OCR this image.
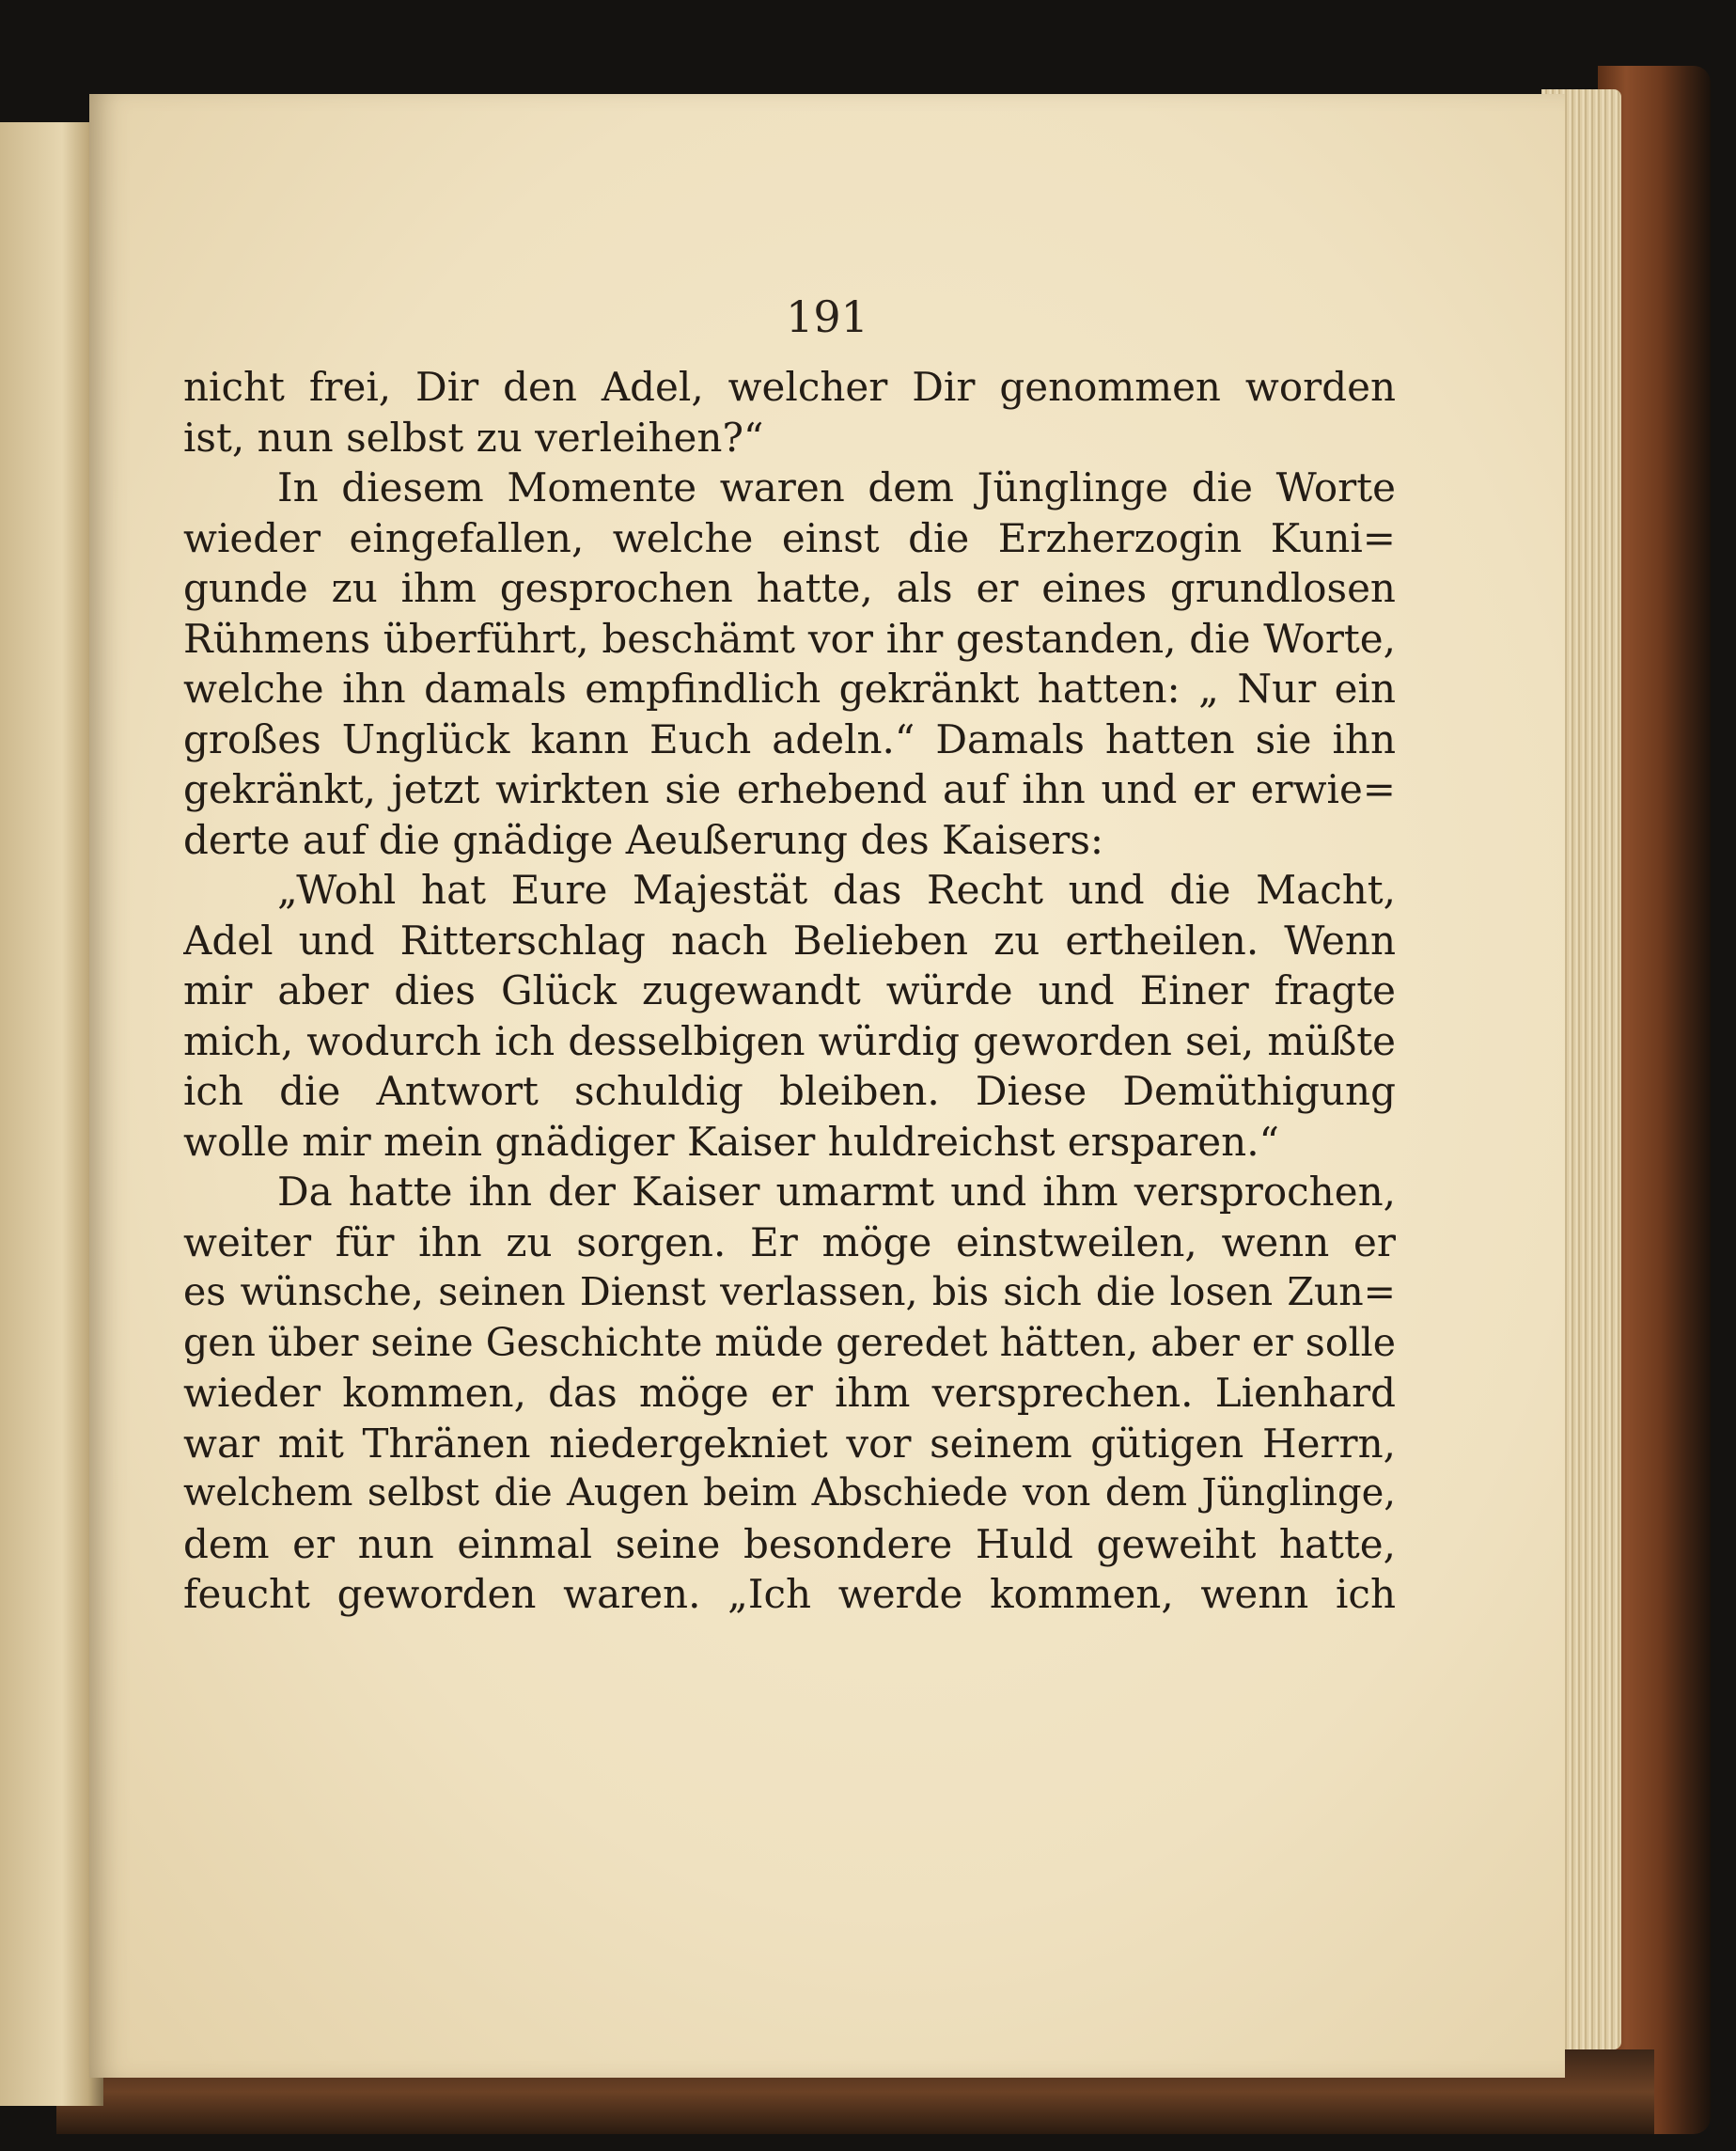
191
nicht frei, Dir den Adel, welcher Dir genommen worden
ist, nun selbst zu verleihen?“
In diesem Momente waren dem Jünglinge die Worte
wieder eingefallen, welche einst die Erzherzogin Kuni=
gunde zu ihm gesprochen hatte, als er eines grundlosen
Rühmens überführt, beschämt vor ihr gestanden, die Worte,
welche ihn damals empfindlich gekränkt hatten: „ Nur ein
großes Unglück kann Euch adeln.“ Damals hatten sie ihn
gekränkt, jetzt wirkten sie erhebend auf ihn und er erwie=
derte auf die gnädige Aeußerung des Kaisers:
„Wohl hat Eure Majestät das Recht und die Macht,
Adel und Ritterschlag nach Belieben zu ertheilen. Wenn
mir aber dies Glück zugewandt würde und Einer fragte
mich, wodurch ich desselbigen würdig geworden sei, müßte
ich die Antwort schuldig bleiben. Diese Demüthigung
wolle mir mein gnädiger Kaiser huldreichst ersparen.“
Da hatte ihn der Kaiser umarmt und ihm versprochen,
weiter für ihn zu sorgen. Er möge einstweilen, wenn er
es wünsche, seinen Dienst verlassen, bis sich die losen Zun=
gen über seine Geschichte müde geredet hätten, aber er solle
wieder kommen, das möge er ihm versprechen. Lienhard
war mit Thränen niedergekniet vor seinem gütigen Herrn,
welchem selbst die Augen beim Abschiede von dem Jünglinge,
dem er nun einmal seine besondere Huld geweiht hatte,
feucht geworden waren. „Ich werde kommen, wenn ich
